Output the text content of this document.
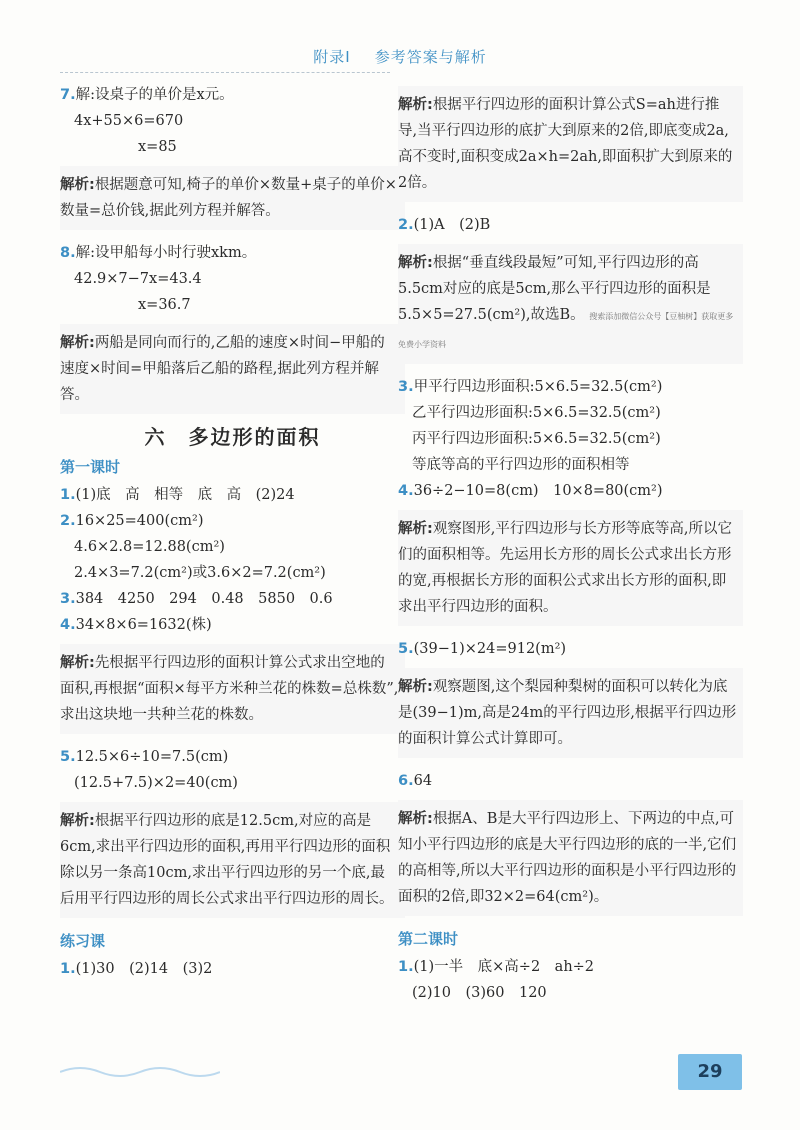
附录Ⅰ 参考答案与解析
7.解:设桌子的单价是x元。
4x+55×6=670
x=85
解析:根据题意可知,椅子的单价×数量+桌子的单价×数量=总价钱,据此列方程并解答。
8.解:设甲船每小时行驶xkm。
42.9×7−7x=43.4
x=36.7
解析:两船是同向而行的,乙船的速度×时间−甲船的速度×时间=甲船落后乙船的路程,据此列方程并解答。
六　多边形的面积
第一课时
1.(1)底　高　相等　底　高　(2)24
2.16×25=400(cm²)
4.6×2.8=12.88(cm²)
2.4×3=7.2(cm²)或3.6×2=7.2(cm²)
3.384　4250　294　0.48　5850　0.6
4.34×8×6=1632(株)
解析:先根据平行四边形的面积计算公式求出空地的面积,再根据“面积×每平方米种兰花的株数=总株数”,求出这块地一共种兰花的株数。
5.12.5×6÷10=7.5(cm)
(12.5+7.5)×2=40(cm)
解析:根据平行四边形的底是12.5cm,对应的高是6cm,求出平行四边形的面积,再用平行四边形的面积除以另一条高10cm,求出平行四边形的另一个底,最后用平行四边形的周长公式求出平行四边形的周长。
练习课
1.(1)30　(2)14　(3)2
解析:根据平行四边形的面积计算公式S=ah进行推导,当平行四边形的底扩大到原来的2倍,即底变成2a,高不变时,面积变成2a×h=2ah,即面积扩大到原来的2倍。
2.(1)A　(2)B
解析:根据“垂直线段最短”可知,平行四边形的高5.5cm对应的底是5cm,那么平行四边形的面积是5.5×5=27.5(cm²),故选B。 搜索添加微信公众号【豆柚树】获取更多免费小学资料
3.甲平行四边形面积:5×6.5=32.5(cm²)
乙平行四边形面积:5×6.5=32.5(cm²)
丙平行四边形面积:5×6.5=32.5(cm²)
等底等高的平行四边形的面积相等
4.36÷2−10=8(cm)　10×8=80(cm²)
解析:观察图形,平行四边形与长方形等底等高,所以它们的面积相等。先运用长方形的周长公式求出长方形的宽,再根据长方形的面积公式求出长方形的面积,即求出平行四边形的面积。
5.(39−1)×24=912(m²)
解析:观察题图,这个梨园种梨树的面积可以转化为底是(39−1)m,高是24m的平行四边形,根据平行四边形的面积计算公式计算即可。
6.64
解析:根据A、B是大平行四边形上、下两边的中点,可知小平行四边形的底是大平行四边形的底的一半,它们的高相等,所以大平行四边形的面积是小平行四边形的面积的2倍,即32×2=64(cm²)。
第二课时
1.(1)一半　底×高÷2　ah÷2
(2)10　(3)60　120
29
